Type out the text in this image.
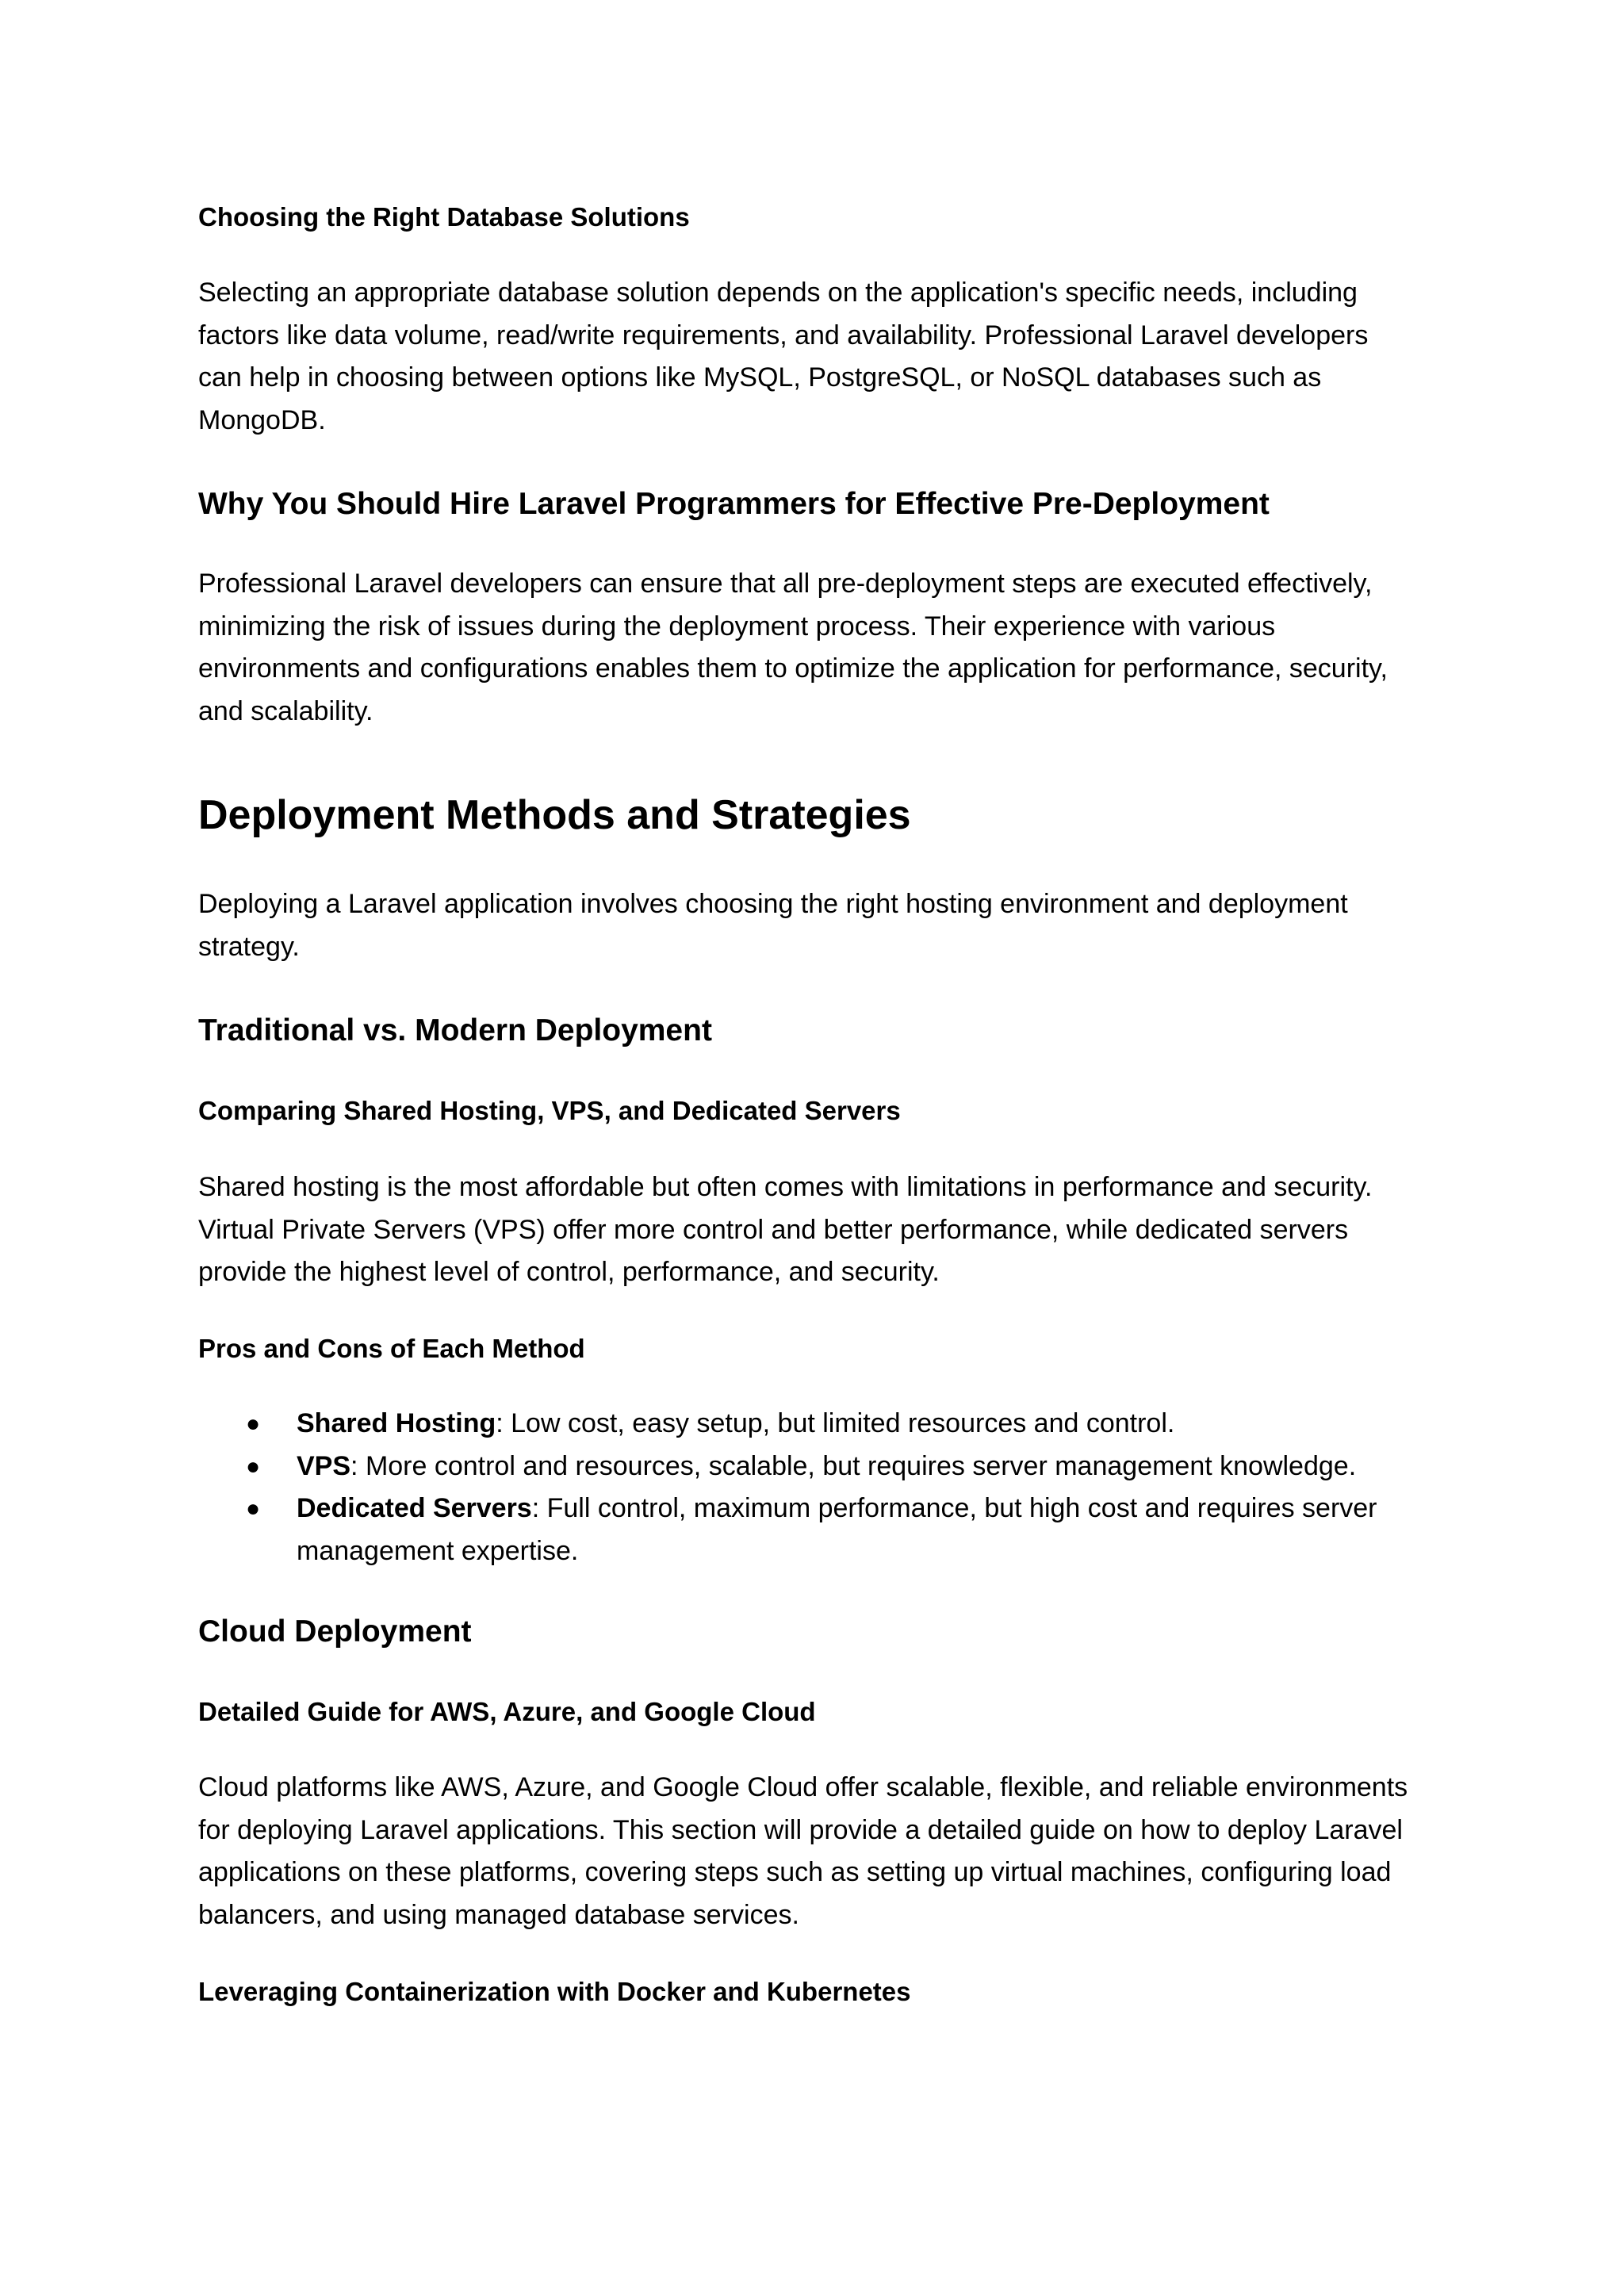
Choosing the Right Database Solutions
Selecting an appropriate database solution depends on the application's specific needs, including
factors like data volume, read/write requirements, and availability. Professional Laravel developers
can help in choosing between options like MySQL, PostgreSQL, or NoSQL databases such as
MongoDB.
Why You Should Hire Laravel Programmers for Effective Pre-Deployment
Professional Laravel developers can ensure that all pre-deployment steps are executed effectively,
minimizing the risk of issues during the deployment process. Their experience with various
environments and configurations enables them to optimize the application for performance, security,
and scalability.
Deployment Methods and Strategies
Deploying a Laravel application involves choosing the right hosting environment and deployment
strategy.
Traditional vs. Modern Deployment
Comparing Shared Hosting, VPS, and Dedicated Servers
Shared hosting is the most affordable but often comes with limitations in performance and security.
Virtual Private Servers (VPS) offer more control and better performance, while dedicated servers
provide the highest level of control, performance, and security.
Pros and Cons of Each Method
● Shared Hosting: Low cost, easy setup, but limited resources and control.
● VPS: More control and resources, scalable, but requires server management knowledge.
● Dedicated Servers: Full control, maximum performance, but high cost and requires server
management expertise.
Cloud Deployment
Detailed Guide for AWS, Azure, and Google Cloud
Cloud platforms like AWS, Azure, and Google Cloud offer scalable, flexible, and reliable environments
for deploying Laravel applications. This section will provide a detailed guide on how to deploy Laravel
applications on these platforms, covering steps such as setting up virtual machines, configuring load
balancers, and using managed database services.
Leveraging Containerization with Docker and Kubernetes
